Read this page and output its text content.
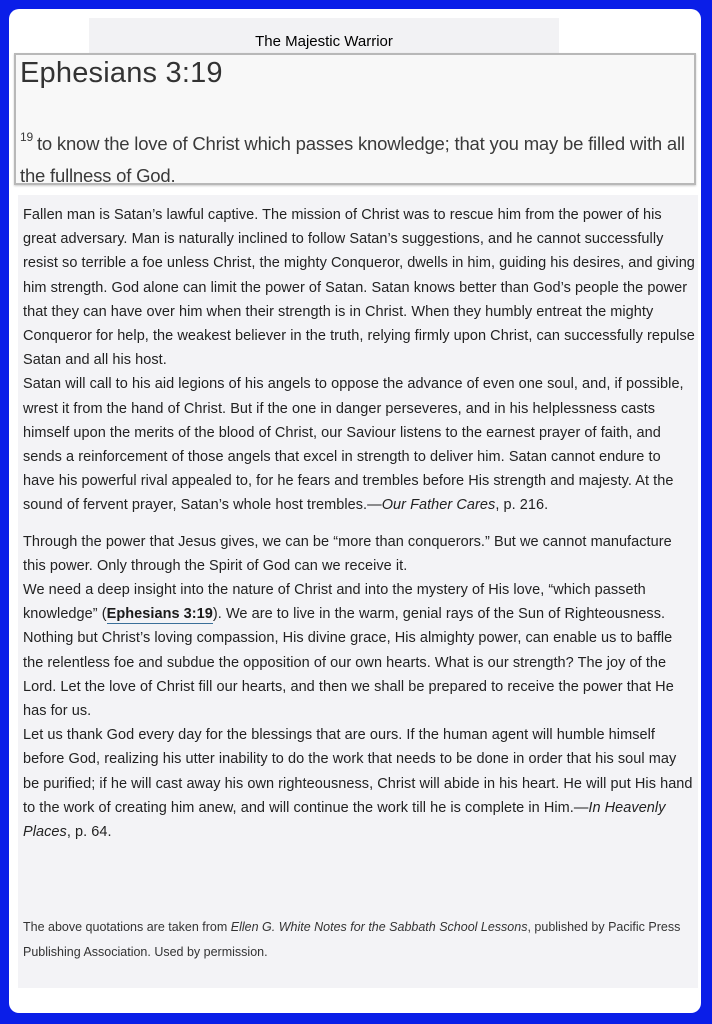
The Majestic Warrior
Ephesians 3:19
$^{19}$ to know the love of Christ which passes knowledge; that you may be filled with all the fullness of God.

Fallen man is Satan’s lawful captive. The mission of Christ was to rescue him from the power of his great adversary. Man is naturally inclined to follow Satan’s suggestions, and he cannot successfully resist so terrible a foe unless Christ, the mighty Conqueror, dwells in him, guiding his desires, and giving him strength. God alone can limit the power of Satan. Satan knows better than God’s people the power that they can have over him when their strength is in Christ. When they humbly entreat the mighty Conqueror for help, the weakest believer in the truth, relying firmly upon Christ, can successfully repulse Satan and all his host.

Satan will call to his aid legions of his angels to oppose the advance of even one soul, and, if possible, wrest it from the hand of Christ. But if the one in danger perseveres, and in his helplessness casts himself upon the merits of the blood of Christ, our Saviour listens to the earnest prayer of faith, and sends a reinforcement of those angels that excel in strength to deliver him. Satan cannot endure to have his powerful rival appealed to, for he fears and trembles before His strength and majesty. At the sound of fervent prayer, Satan’s whole host trembles.—Our Father Cares, p. 216.

Through the power that Jesus gives, we can be “more than conquerors.” But we cannot manufacture this power. Only through the Spirit of God can we receive it.

We need a deep insight into the nature of Christ and into the mystery of His love, “which passeth knowledge” (Ephesians 3:19). We are to live in the warm, genial rays of the Sun of Righteousness. Nothing but Christ’s loving compassion, His divine grace, His almighty power, can enable us to baffle the relentless foe and subdue the opposition of our own hearts. What is our strength? The joy of the Lord. Let the love of Christ fill our hearts, and then we shall be prepared to receive the power that He has for us.

Let us thank God every day for the blessings that are ours. If the human agent will humble himself before God, realizing his utter inability to do the work that needs to be done in order that his soul may be purified; if he will cast away his own righteousness, Christ will abide in his heart. He will put His hand to the work of creating him anew, and will continue the work till he is complete in Him.—In Heavenly Places, p. 64.

The above quotations are taken from Ellen G. White Notes for the Sabbath School Lessons, published by Pacific Press Publishing Association. Used by permission.
